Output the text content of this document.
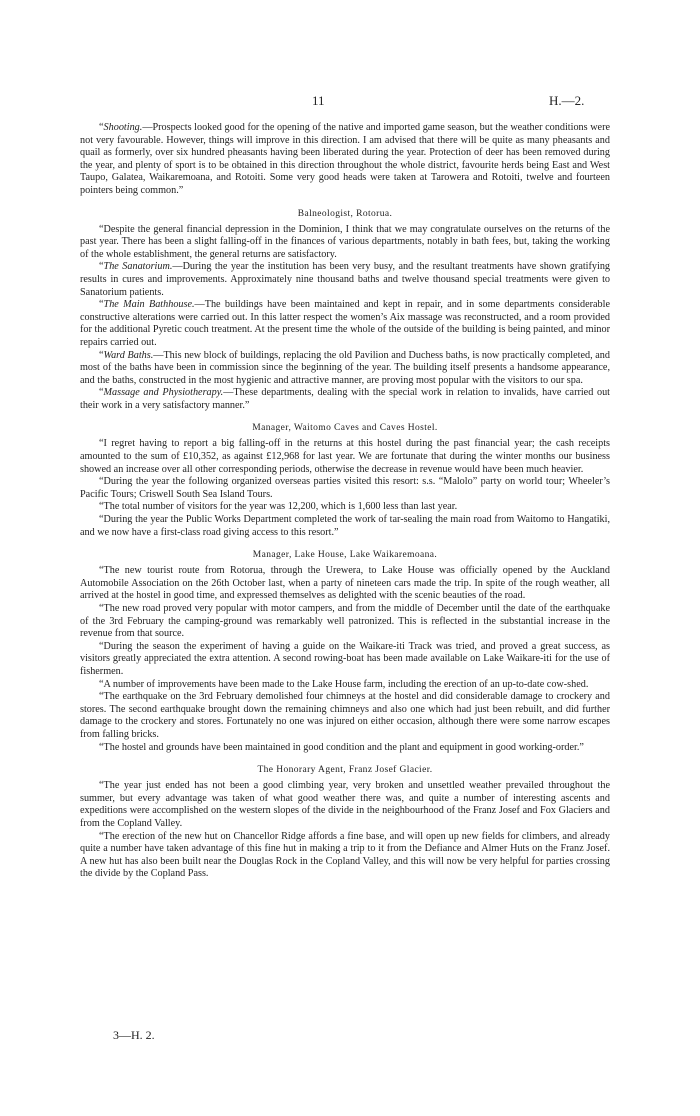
11	H.—2.

“Shooting.—Prospects looked good for the opening of the native and imported game season, but the weather conditions were not very favourable. However, things will improve in this direction. I am advised that there will be quite as many pheasants and quail as formerly, over six hundred pheasants having been liberated during the year. Protection of deer has been removed during the year, and plenty of sport is to be obtained in this direction throughout the whole district, favourite herds being East and West Taupo, Galatea, Waikaremoana, and Rotoiti. Some very good heads were taken at Tarowera and Rotoiti, twelve and fourteen pointers being common.”

Balneologist, Rotorua.

“Despite the general financial depression in the Dominion, I think that we may congratulate ourselves on the returns of the past year. There has been a slight falling-off in the finances of various departments, notably in bath fees, but, taking the working of the whole establishment, the general returns are satisfactory.

“The Sanatorium.—During the year the institution has been very busy, and the resultant treatments have shown gratifying results in cures and improvements. Approximately nine thousand baths and twelve thousand special treatments were given to Sanatorium patients.

“The Main Bathhouse.—The buildings have been maintained and kept in repair, and in some departments considerable constructive alterations were carried out. In this latter respect the women’s Aix massage was reconstructed, and a room provided for the additional Pyretic couch treatment. At the present time the whole of the outside of the building is being painted, and minor repairs carried out.

“Ward Baths.—This new block of buildings, replacing the old Pavilion and Duchess baths, is now practically completed, and most of the baths have been in commission since the beginning of the year. The building itself presents a handsome appearance, and the baths, constructed in the most hygienic and attractive manner, are proving most popular with the visitors to our spa.

“Massage and Physiotherapy.—These departments, dealing with the special work in relation to invalids, have carried out their work in a very satisfactory manner.”

Manager, Waitomo Caves and Caves Hostel.

“I regret having to report a big falling-off in the returns at this hostel during the past financial year; the cash receipts amounted to the sum of £10,352, as against £12,968 for last year. We are fortunate that during the winter months our business showed an increase over all other corresponding periods, otherwise the decrease in revenue would have been much heavier.

“During the year the following organized overseas parties visited this resort: s.s. “Malolo” party on world tour; Wheeler’s Pacific Tours; Criswell South Sea Island Tours.

“The total number of visitors for the year was 12,200, which is 1,600 less than last year.

“During the year the Public Works Department completed the work of tar-sealing the main road from Waitomo to Hangatiki, and we now have a first-class road giving access to this resort.”

Manager, Lake House, Lake Waikaremoana.

“The new tourist route from Rotorua, through the Urewera, to Lake House was officially opened by the Auckland Automobile Association on the 26th October last, when a party of nineteen cars made the trip. In spite of the rough weather, all arrived at the hostel in good time, and expressed themselves as delighted with the scenic beauties of the road.

“The new road proved very popular with motor campers, and from the middle of December until the date of the earthquake of the 3rd February the camping-ground was remarkably well patronized. This is reflected in the substantial increase in the revenue from that source.

“During the season the experiment of having a guide on the Waikare-iti Track was tried, and proved a great success, as visitors greatly appreciated the extra attention. A second rowing-boat has been made available on Lake Waikare-iti for the use of fishermen.

“A number of improvements have been made to the Lake House farm, including the erection of an up-to-date cow-shed.

“The earthquake on the 3rd February demolished four chimneys at the hostel and did considerable damage to crockery and stores. The second earthquake brought down the remaining chimneys and also one which had just been rebuilt, and did further damage to the crockery and stores. Fortunately no one was injured on either occasion, although there were some narrow escapes from falling bricks.

“The hostel and grounds have been maintained in good condition and the plant and equipment in good working-order.”

The Honorary Agent, Franz Josef Glacier.

“The year just ended has not been a good climbing year, very broken and unsettled weather prevailed throughout the summer, but every advantage was taken of what good weather there was, and quite a number of interesting ascents and expeditions were accomplished on the western slopes of the divide in the neighbourhood of the Franz Josef and Fox Glaciers and from the Copland Valley.

“The erection of the new hut on Chancellor Ridge affords a fine base, and will open up new fields for climbers, and already quite a number have taken advantage of this fine hut in making a trip to it from the Defiance and Almer Huts on the Franz Josef. A new hut has also been built near the Douglas Rock in the Copland Valley, and this will now be very helpful for parties crossing the divide by the Copland Pass.

3—H. 2.
